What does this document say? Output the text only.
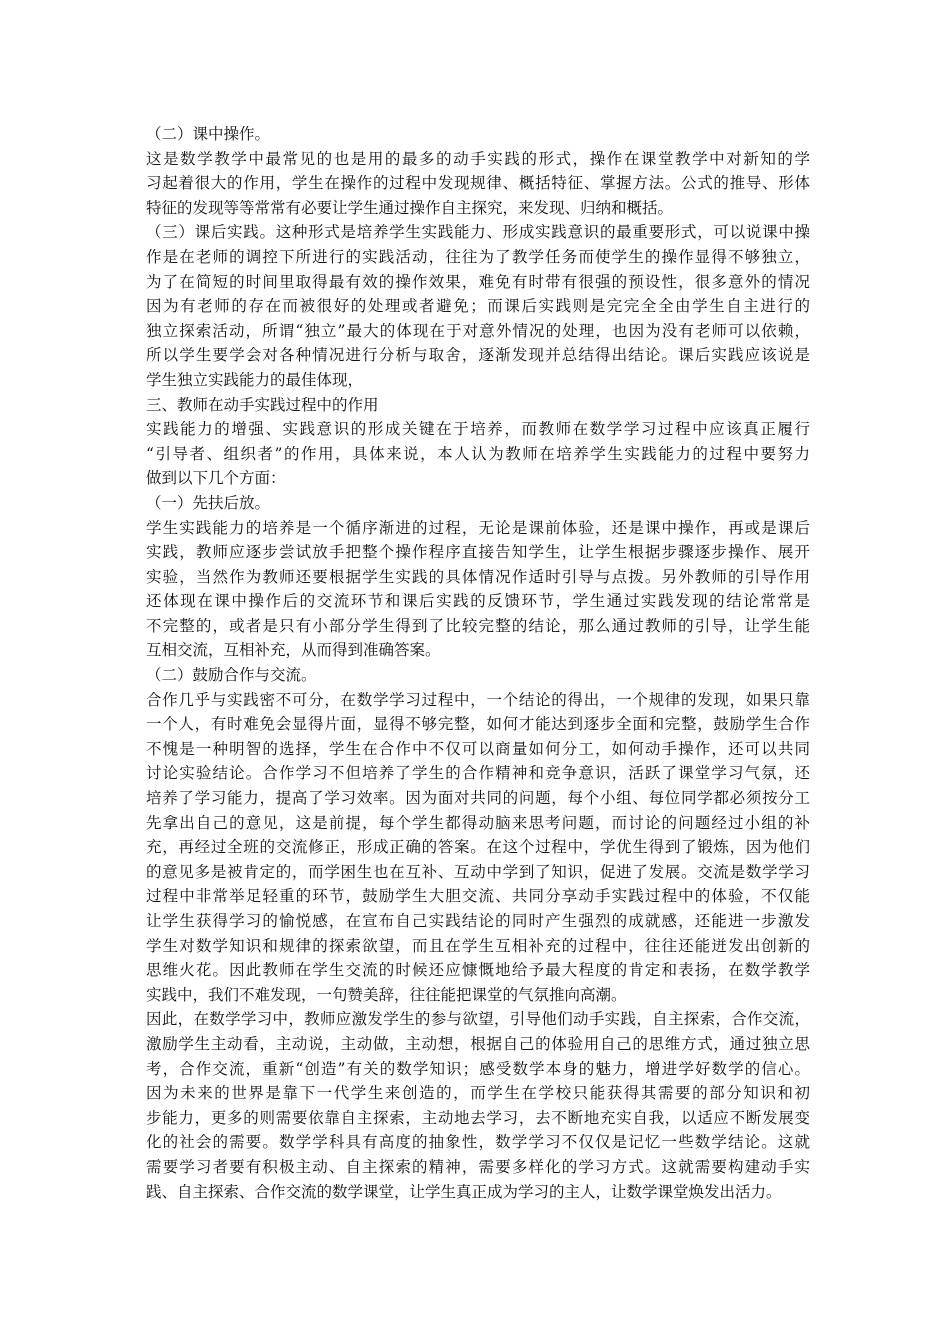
（二）课中操作。
这是数学教学中最常见的也是用的最多的动手实践的形式，操作在课堂教学中对新知的学
习起着很大的作用，学生在操作的过程中发现规律、概括特征、掌握方法。公式的推导、形体
特征的发现等等常常有必要让学生通过操作自主探究，来发现、归纳和概括。
（三）课后实践。这种形式是培养学生实践能力、形成实践意识的最重要形式，可以说课中操
作是在老师的调控下所进行的实践活动，往往为了教学任务而使学生的操作显得不够独立，
为了在简短的时间里取得最有效的操作效果，难免有时带有很强的预设性，很多意外的情况
因为有老师的存在而被很好的处理或者避免；而课后实践则是完完全全由学生自主进行的
独立探索活动，所谓“独立”最大的体现在于对意外情况的处理，也因为没有老师可以依赖，
所以学生要学会对各种情况进行分析与取舍，逐渐发现并总结得出结论。课后实践应该说是
学生独立实践能力的最佳体现，
三、教师在动手实践过程中的作用
实践能力的增强、实践意识的形成关键在于培养，而教师在数学学习过程中应该真正履行
“引导者、组织者”的作用，具体来说，本人认为教师在培养学生实践能力的过程中要努力
做到以下几个方面：
（一）先扶后放。
学生实践能力的培养是一个循序渐进的过程，无论是课前体验，还是课中操作，再或是课后
实践，教师应逐步尝试放手把整个操作程序直接告知学生，让学生根据步骤逐步操作、展开
实验，当然作为教师还要根据学生实践的具体情况作适时引导与点拨。另外教师的引导作用
还体现在课中操作后的交流环节和课后实践的反馈环节，学生通过实践发现的结论常常是
不完整的，或者是只有小部分学生得到了比较完整的结论，那么通过教师的引导，让学生能
互相交流，互相补充，从而得到准确答案。
（二）鼓励合作与交流。
合作几乎与实践密不可分，在数学学习过程中，一个结论的得出，一个规律的发现，如果只靠
一个人，有时难免会显得片面，显得不够完整，如何才能达到逐步全面和完整，鼓励学生合作
不愧是一种明智的选择，学生在合作中不仅可以商量如何分工，如何动手操作，还可以共同
讨论实验结论。合作学习不但培养了学生的合作精神和竞争意识，活跃了课堂学习气氛，还
培养了学习能力，提高了学习效率。因为面对共同的问题，每个小组、每位同学都必须按分工
先拿出自己的意见，这是前提，每个学生都得动脑来思考问题，而讨论的问题经过小组的补
充，再经过全班的交流修正，形成正确的答案。在这个过程中，学优生得到了锻炼，因为他们
的意见多是被肯定的，而学困生也在互补、互动中学到了知识，促进了发展。交流是数学学习
过程中非常举足轻重的环节，鼓励学生大胆交流、共同分享动手实践过程中的体验，不仅能
让学生获得学习的愉悦感，在宣布自己实践结论的同时产生强烈的成就感，还能进一步激发
学生对数学知识和规律的探索欲望，而且在学生互相补充的过程中，往往还能迸发出创新的
思维火花。因此教师在学生交流的时候还应慷慨地给予最大程度的肯定和表扬，在数学教学
实践中，我们不难发现，一句赞美辞，往往能把课堂的气氛推向高潮。
因此，在数学学习中，教师应激发学生的参与欲望，引导他们动手实践，自主探索，合作交流，
激励学生主动看，主动说，主动做，主动想，根据自己的体验用自己的思维方式，通过独立思
考，合作交流，重新“创造”有关的数学知识；感受数学本身的魅力，增进学好数学的信心。
因为未来的世界是靠下一代学生来创造的，而学生在学校只能获得其需要的部分知识和初
步能力，更多的则需要依靠自主探索，主动地去学习，去不断地充实自我，以适应不断发展变
化的社会的需要。数学学科具有高度的抽象性，数学学习不仅仅是记忆一些数学结论。这就
需要学习者要有积极主动、自主探索的精神，需要多样化的学习方式。这就需要构建动手实
践、自主探索、合作交流的数学课堂，让学生真正成为学习的主人，让数学课堂焕发出活力。
